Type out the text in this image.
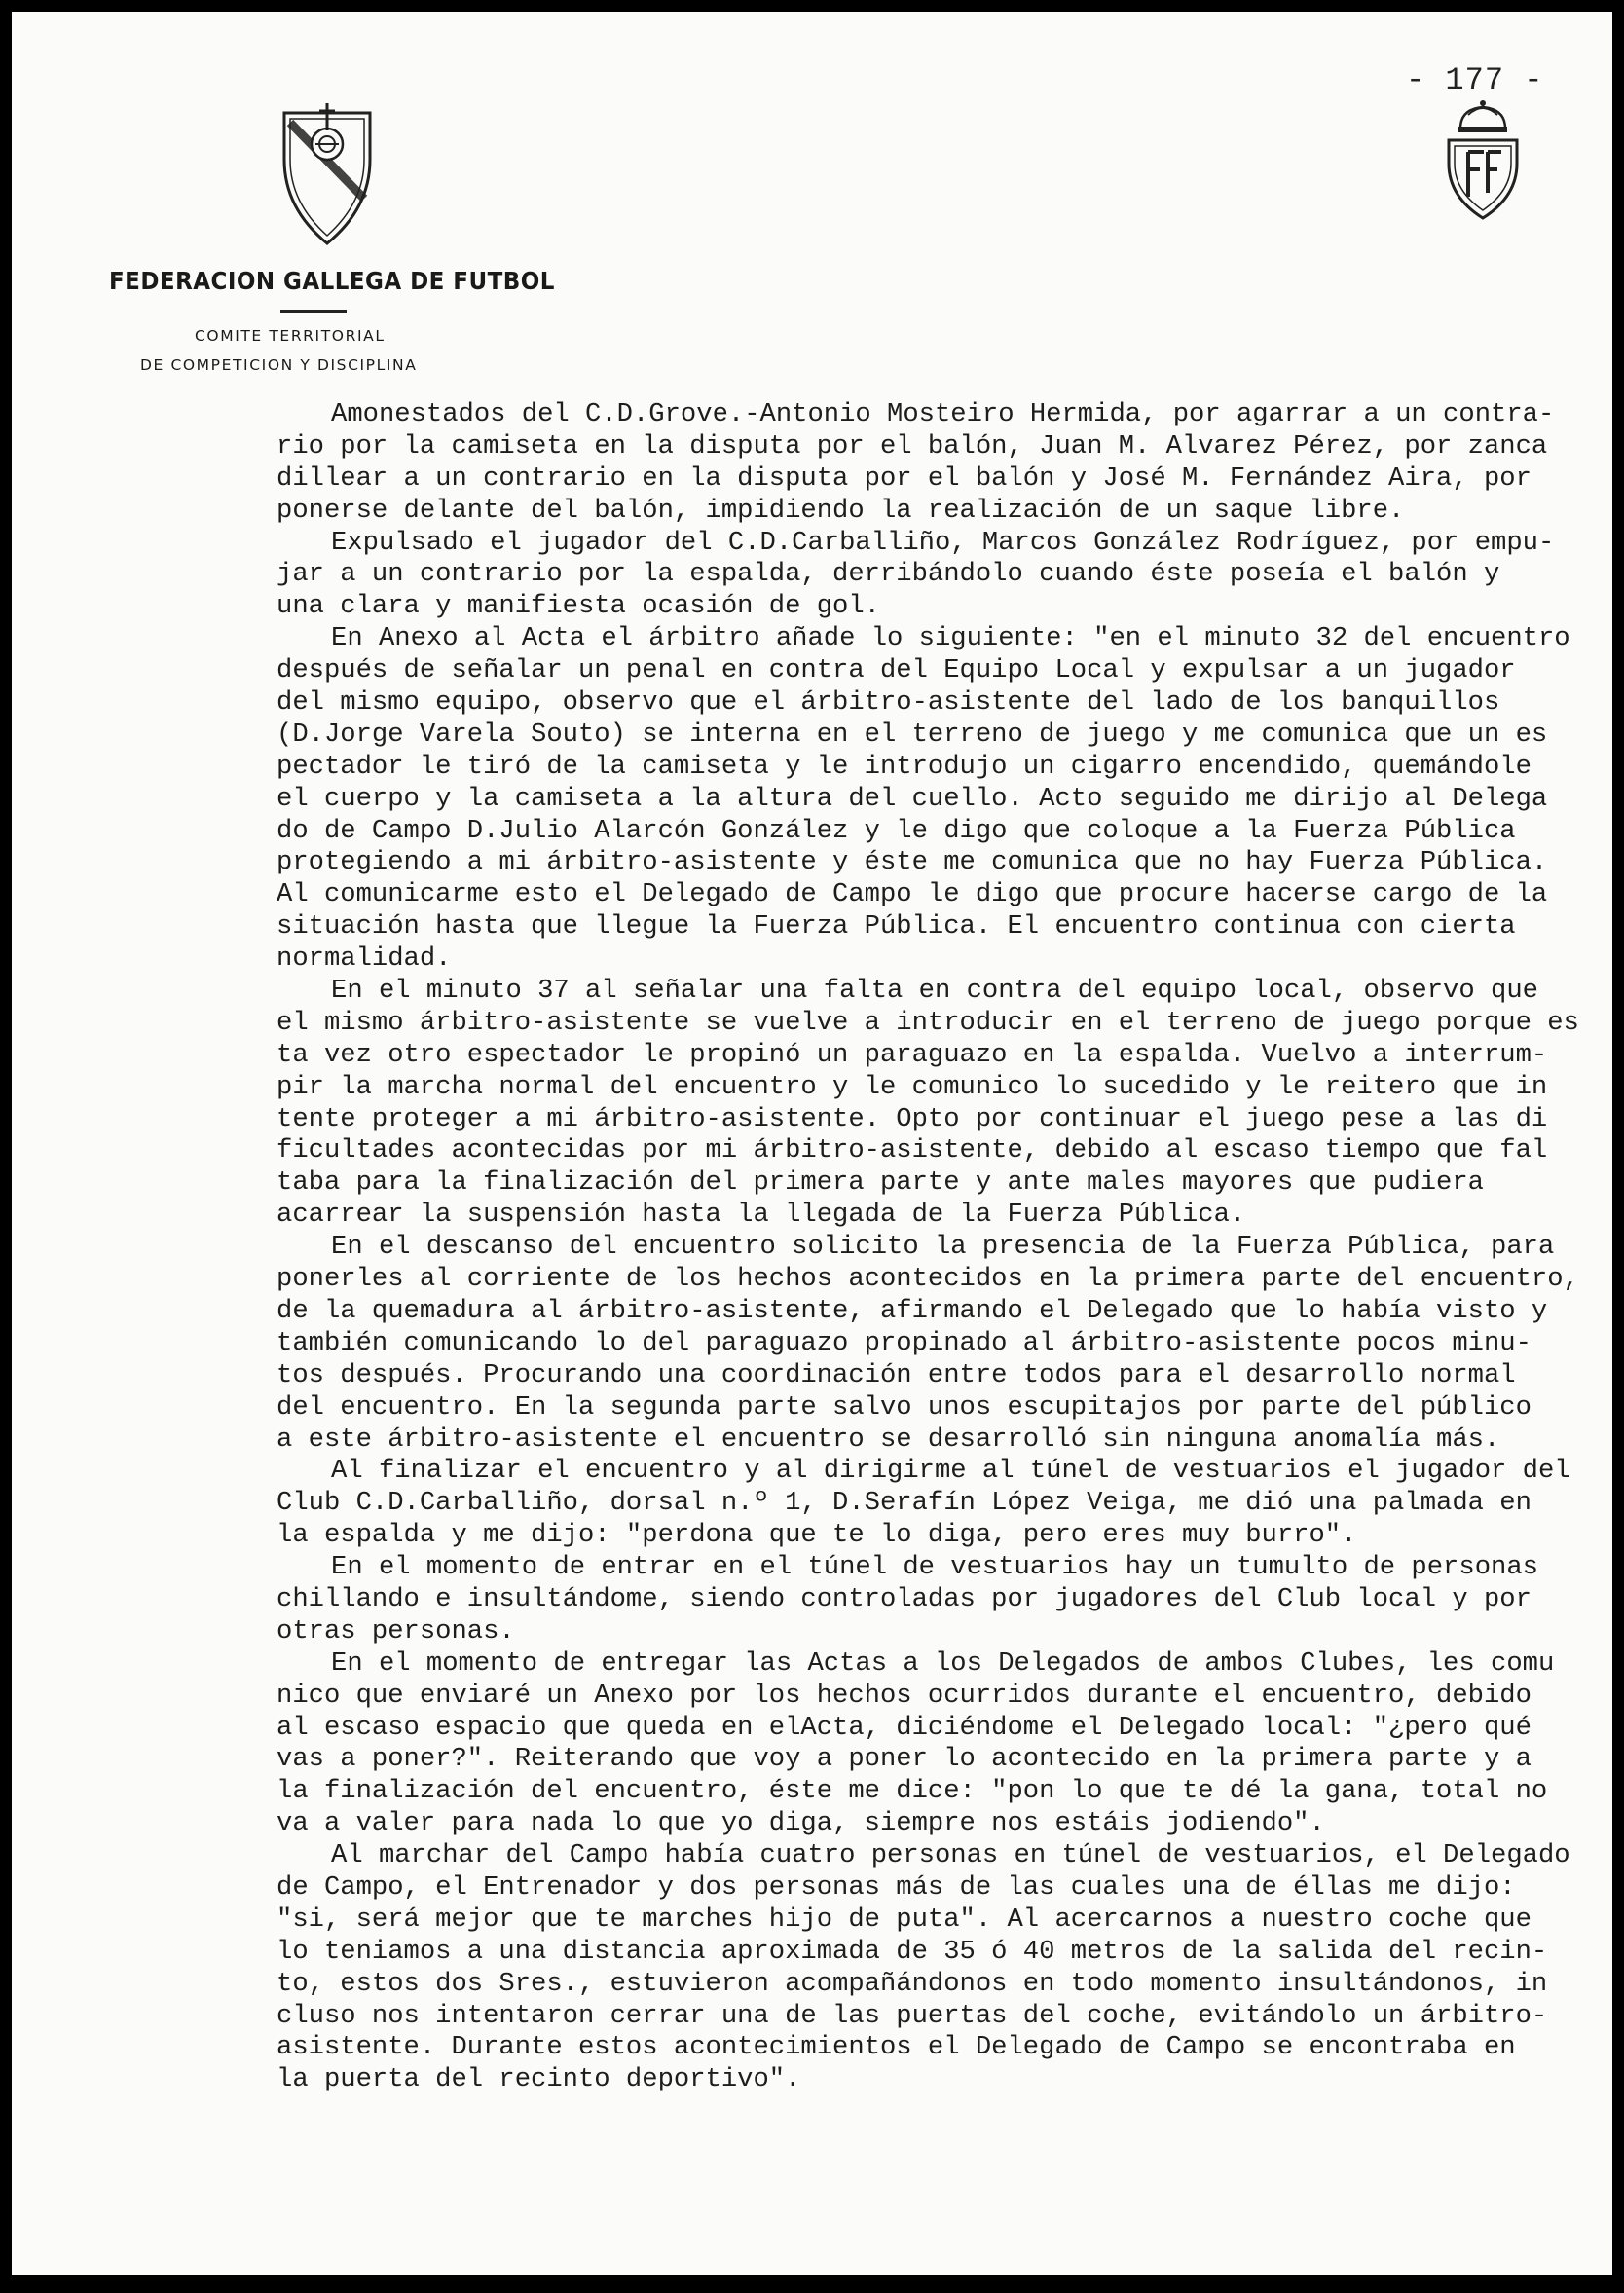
- 177 -
FEDERACION GALLEGA DE FUTBOL
COMITE TERRITORIAL
DE COMPETICION Y DISCIPLINA
Amonestados del C.D.Grove.-Antonio Mosteiro Hermida, por agarrar a un contra-
rio por la camiseta en la disputa por el balón, Juan M. Alvarez Pérez, por zanca
dillear a un contrario en la disputa por el balón y José M. Fernández Aira, por
ponerse delante del balón, impidiendo la realización de un saque libre.
Expulsado el jugador del C.D.Carballiño, Marcos González Rodríguez, por empu-
jar a un contrario por la espalda, derribándolo cuando éste poseía el balón y
una clara y manifiesta ocasión de gol.
En Anexo al Acta el árbitro añade lo siguiente: "en el minuto 32 del encuentro
después de señalar un penal en contra del Equipo Local y expulsar a un jugador
del mismo equipo, observo que el árbitro-asistente del lado de los banquillos
(D.Jorge Varela Souto) se interna en el terreno de juego y me comunica que un es
pectador le tiró de la camiseta y le introdujo un cigarro encendido, quemándole
el cuerpo y la camiseta a la altura del cuello. Acto seguido me dirijo al Delega
do de Campo D.Julio Alarcón González y le digo que coloque a la Fuerza Pública
protegiendo a mi árbitro-asistente y éste me comunica que no hay Fuerza Pública.
Al comunicarme esto el Delegado de Campo le digo que procure hacerse cargo de la
situación hasta que llegue la Fuerza Pública. El encuentro continua con cierta
normalidad.
En el minuto 37 al señalar una falta en contra del equipo local, observo que
el mismo árbitro-asistente se vuelve a introducir en el terreno de juego porque es
ta vez otro espectador le propinó un paraguazo en la espalda. Vuelvo a interrum-
pir la marcha normal del encuentro y le comunico lo sucedido y le reitero que in
tente proteger a mi árbitro-asistente. Opto por continuar el juego pese a las di
ficultades acontecidas por mi árbitro-asistente, debido al escaso tiempo que fal
taba para la finalización del primera parte y ante males mayores que pudiera
acarrear la suspensión hasta la llegada de la Fuerza Pública.
En el descanso del encuentro solicito la presencia de la Fuerza Pública, para
ponerles al corriente de los hechos acontecidos en la primera parte del encuentro,
de la quemadura al árbitro-asistente, afirmando el Delegado que lo había visto y
también comunicando lo del paraguazo propinado al árbitro-asistente pocos minu-
tos después. Procurando una coordinación entre todos para el desarrollo normal
del encuentro. En la segunda parte salvo unos escupitajos por parte del público
a este árbitro-asistente el encuentro se desarrolló sin ninguna anomalía más.
Al finalizar el encuentro y al dirigirme al túnel de vestuarios el jugador del
Club C.D.Carballiño, dorsal n.º 1, D.Serafín López Veiga, me dió una palmada en
la espalda y me dijo: "perdona que te lo diga, pero eres muy burro".
En el momento de entrar en el túnel de vestuarios hay un tumulto de personas
chillando e insultándome, siendo controladas por jugadores del Club local y por
otras personas.
En el momento de entregar las Actas a los Delegados de ambos Clubes, les comu
nico que enviaré un Anexo por los hechos ocurridos durante el encuentro, debido
al escaso espacio que queda en elActa, diciéndome el Delegado local: "¿pero qué
vas a poner?". Reiterando que voy a poner lo acontecido en la primera parte y a
la finalización del encuentro, éste me dice: "pon lo que te dé la gana, total no
va a valer para nada lo que yo diga, siempre nos estáis jodiendo".
Al marchar del Campo había cuatro personas en túnel de vestuarios, el Delegado
de Campo, el Entrenador y dos personas más de las cuales una de éllas me dijo:
"si, será mejor que te marches hijo de puta". Al acercarnos a nuestro coche que
lo teniamos a una distancia aproximada de 35 ó 40 metros de la salida del recin-
to, estos dos Sres., estuvieron acompañándonos en todo momento insultándonos, in
cluso nos intentaron cerrar una de las puertas del coche, evitándolo un árbitro-
asistente. Durante estos acontecimientos el Delegado de Campo se encontraba en
la puerta del recinto deportivo".
